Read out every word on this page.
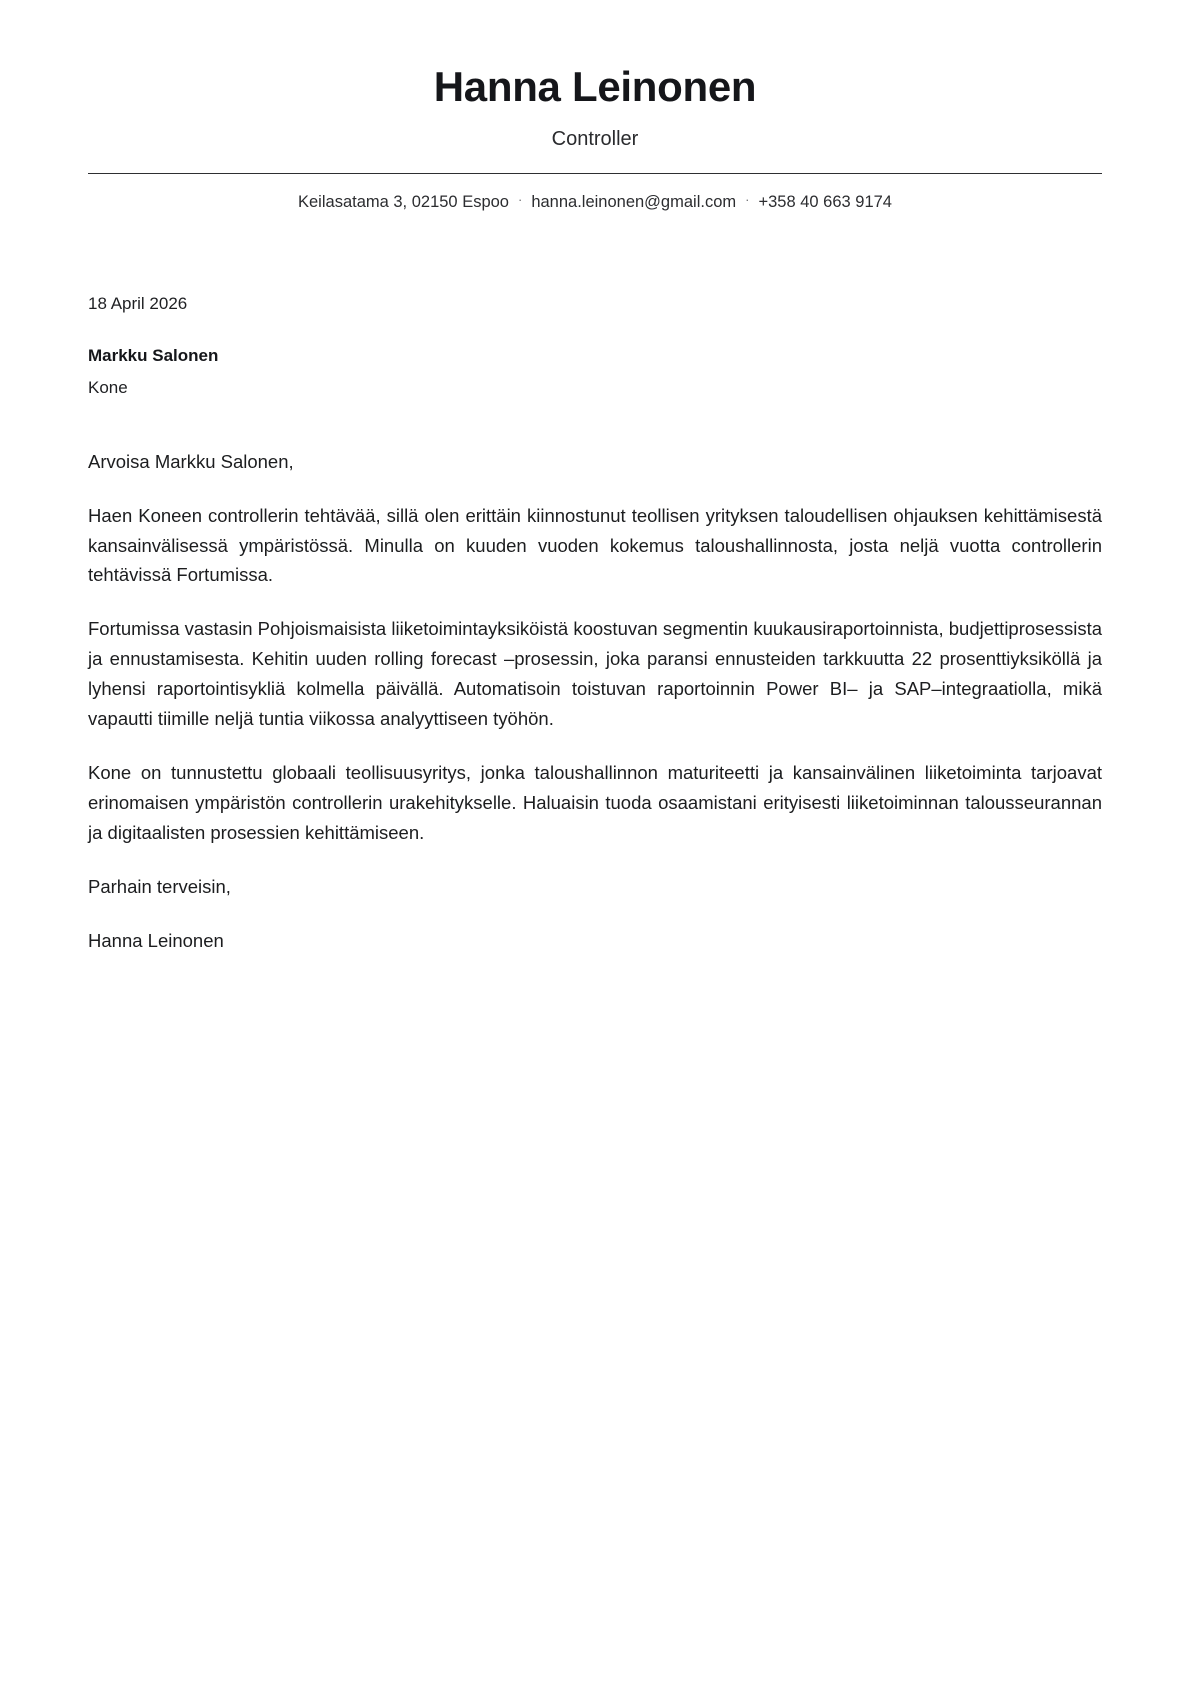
Hanna Leinonen
Controller
Keilasatama 3, 02150 Espoo · hanna.leinonen@gmail.com · +358 40 663 9174
18 April 2026
Markku Salonen
Kone

Arvoisa Markku Salonen,

Haen Koneen controllerin tehtävää, sillä olen erittäin kiinnostunut teollisen yrityksen taloudellisen ohjauksen kehittämisestä kansainvälisessä ympäristössä. Minulla on kuuden vuoden kokemus taloushallinnosta, josta neljä vuotta controllerin tehtävissä Fortumissa.

Fortumissa vastasin Pohjoismaisista liiketoimintayksiköistä koostuvan segmentin kuukausiraportoinnista, budjettiprosessista ja ennustamisesta. Kehitin uuden rolling forecast –prosessin, joka paransi ennusteiden tarkkuutta 22 prosenttiyksiköllä ja lyhensi raportointisykliä kolmella päivällä. Automatisoin toistuvan raportoinnin Power BI– ja SAP–integraatiolla, mikä vapautti tiimille neljä tuntia viikossa analyyttiseen työhön.

Kone on tunnustettu globaali teollisuusyritys, jonka taloushallinnon maturiteetti ja kansainvälinen liiketoiminta tarjoavat erinomaisen ympäristön controllerin urakehitykselle. Haluaisin tuoda osaamistani erityisesti liiketoiminnan talousseurannan ja digitaalisten prosessien kehittämiseen.

Parhain terveisin,

Hanna Leinonen
